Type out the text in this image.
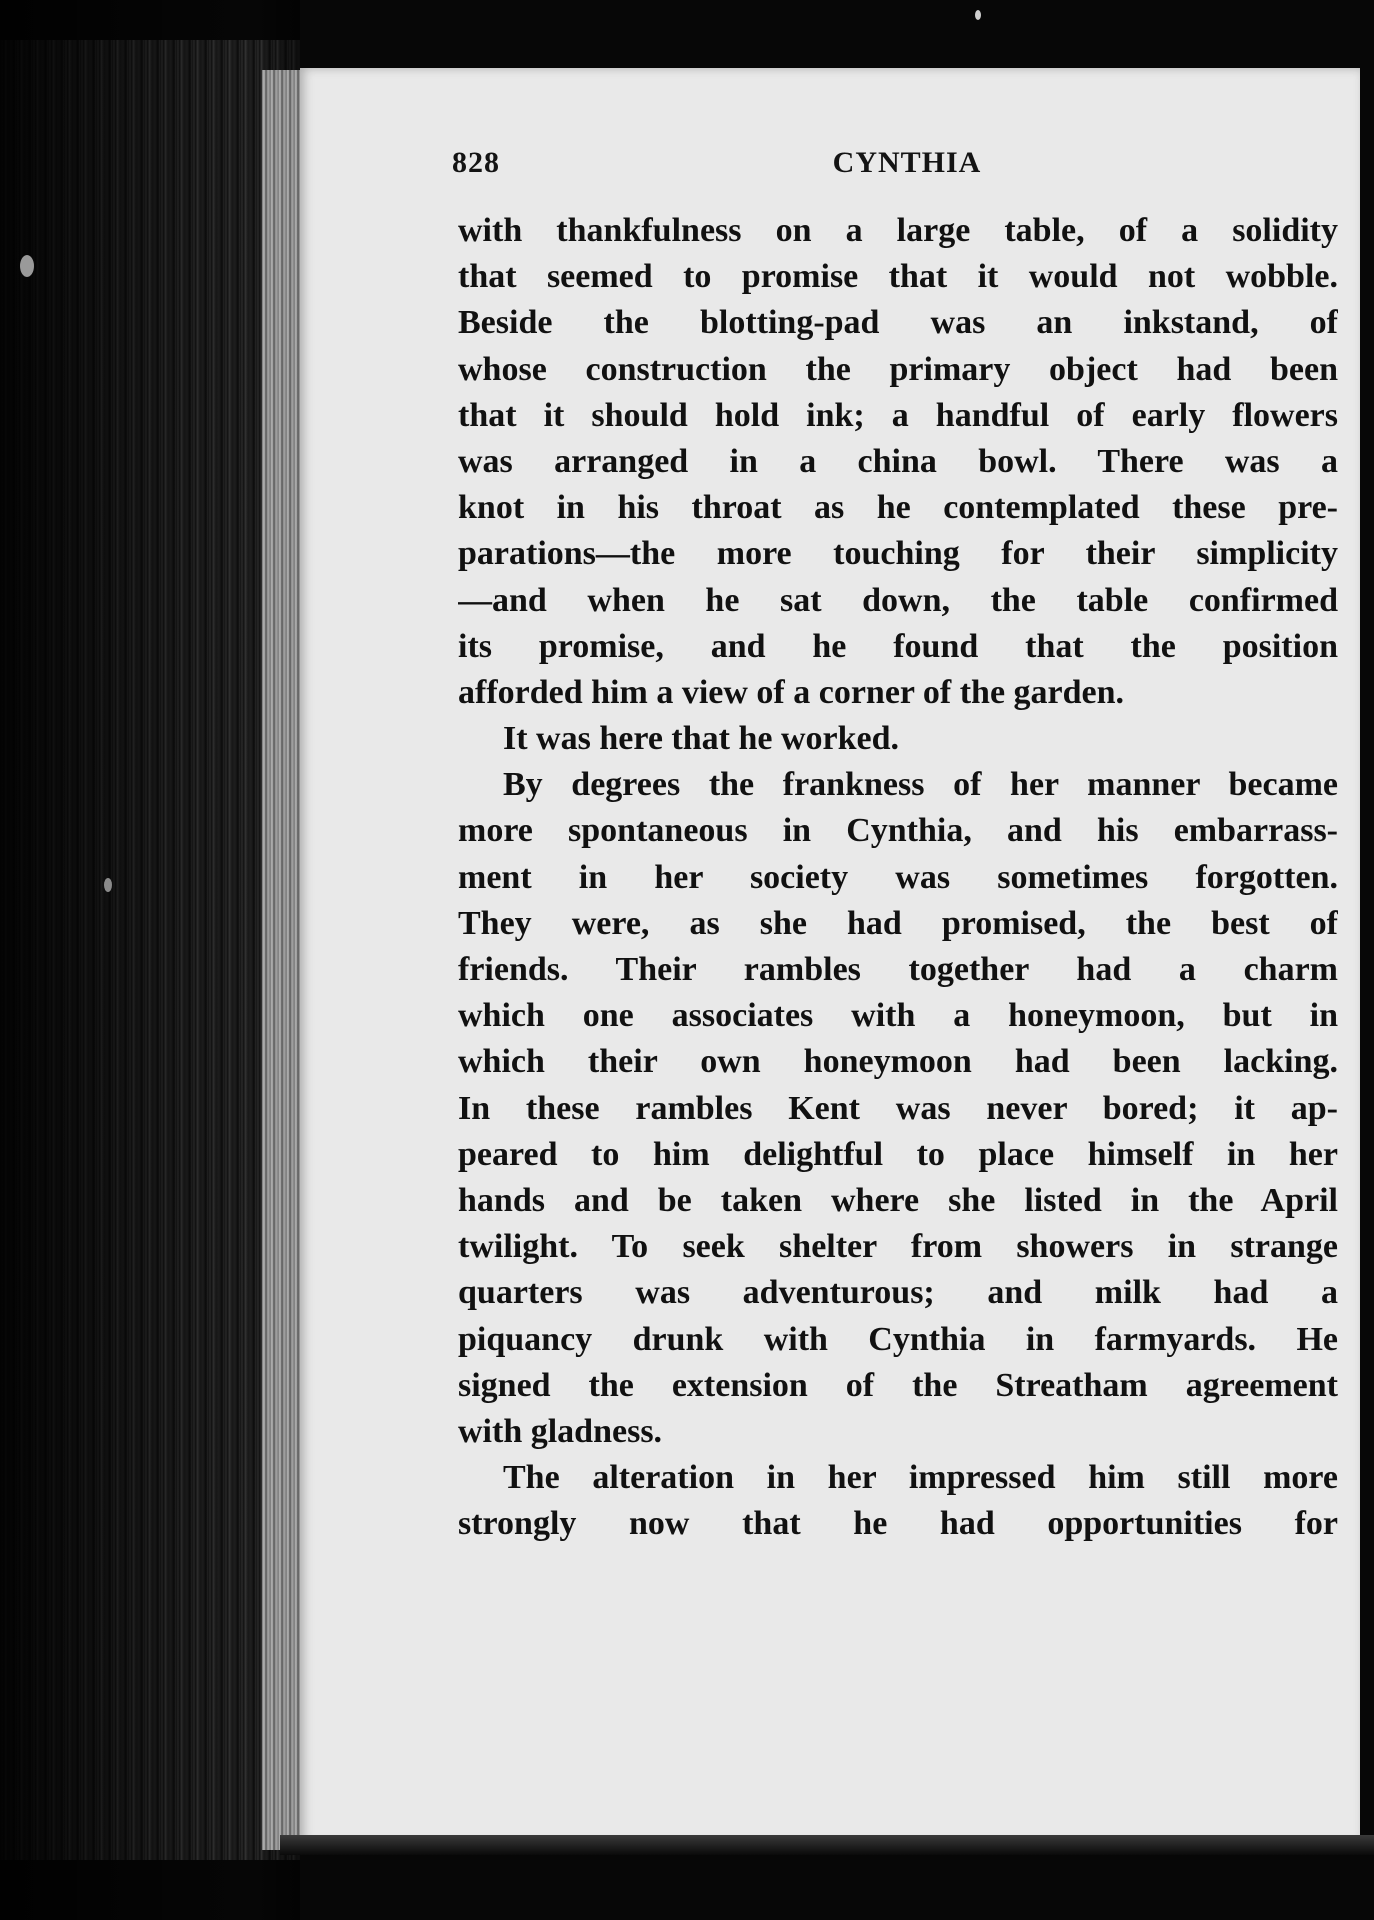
828	CYNTHIA
with thankfulness on a large table, of a solidity
that seemed to promise that it would not wobble.
Beside the blotting-pad was an inkstand, of
whose construction the primary object had been
that it should hold ink; a handful of early flowers
was arranged in a china bowl. There was a
knot in his throat as he contemplated these pre-
parations—the more touching for their simplicity
—and when he sat down, the table confirmed
its promise, and he found that the position
afforded him a view of a corner of the garden.
It was here that he worked.
By degrees the frankness of her manner became
more spontaneous in Cynthia, and his embarrass-
ment in her society was sometimes forgotten.
They were, as she had promised, the best of
friends. Their rambles together had a charm
which one associates with a honeymoon, but in
which their own honeymoon had been lacking.
In these rambles Kent was never bored; it ap-
peared to him delightful to place himself in her
hands and be taken where she listed in the April
twilight. To seek shelter from showers in strange
quarters was adventurous; and milk had a
piquancy drunk with Cynthia in farmyards. He
signed the extension of the Streatham agreement
with gladness.
The alteration in her impressed him still more
strongly now that he had opportunities for
